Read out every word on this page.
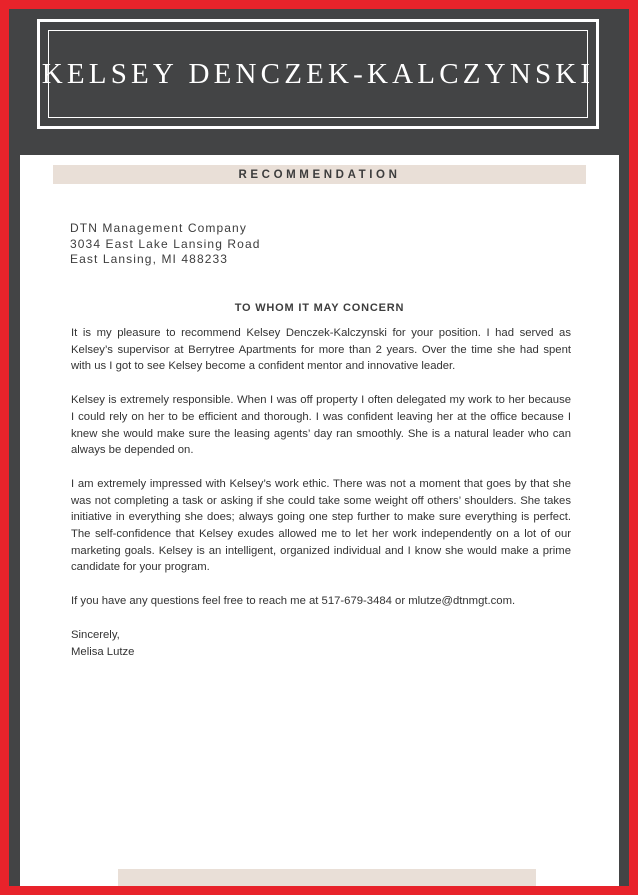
KELSEY DENCZEK-KALCZYNSKI
RECOMMENDATION
DTN Management Company
3034 East Lake Lansing Road
East Lansing, MI 488233
TO WHOM IT MAY CONCERN

It is my pleasure to recommend Kelsey Denczek-Kalczynski for your position. I had served as Kelsey’s supervisor at Berrytree Apartments for more than 2 years. Over the time she had spent with us I got to see Kelsey become a confident mentor and innovative leader.

Kelsey is extremely responsible. When I was off property I often delegated my work to her because I could rely on her to be efficient and thorough. I was confident leaving her at the office because I knew she would make sure the leasing agents’ day ran smoothly. She is a natural leader who can always be depended on.

I am extremely impressed with Kelsey’s work ethic. There was not a moment that goes by that she was not completing a task or asking if she could take some weight off others’ shoulders. She takes initiative in everything she does; always going one step further to make sure everything is perfect. The self-confidence that Kelsey exudes allowed me to let her work independently on a lot of our marketing goals. Kelsey is an intelligent, organized individual and I know she would make a prime candidate for your program.

If you have any questions feel free to reach me at 517-679-3484 or mlutze@dtnmgt.com.

Sincerely,
Melisa Lutze
